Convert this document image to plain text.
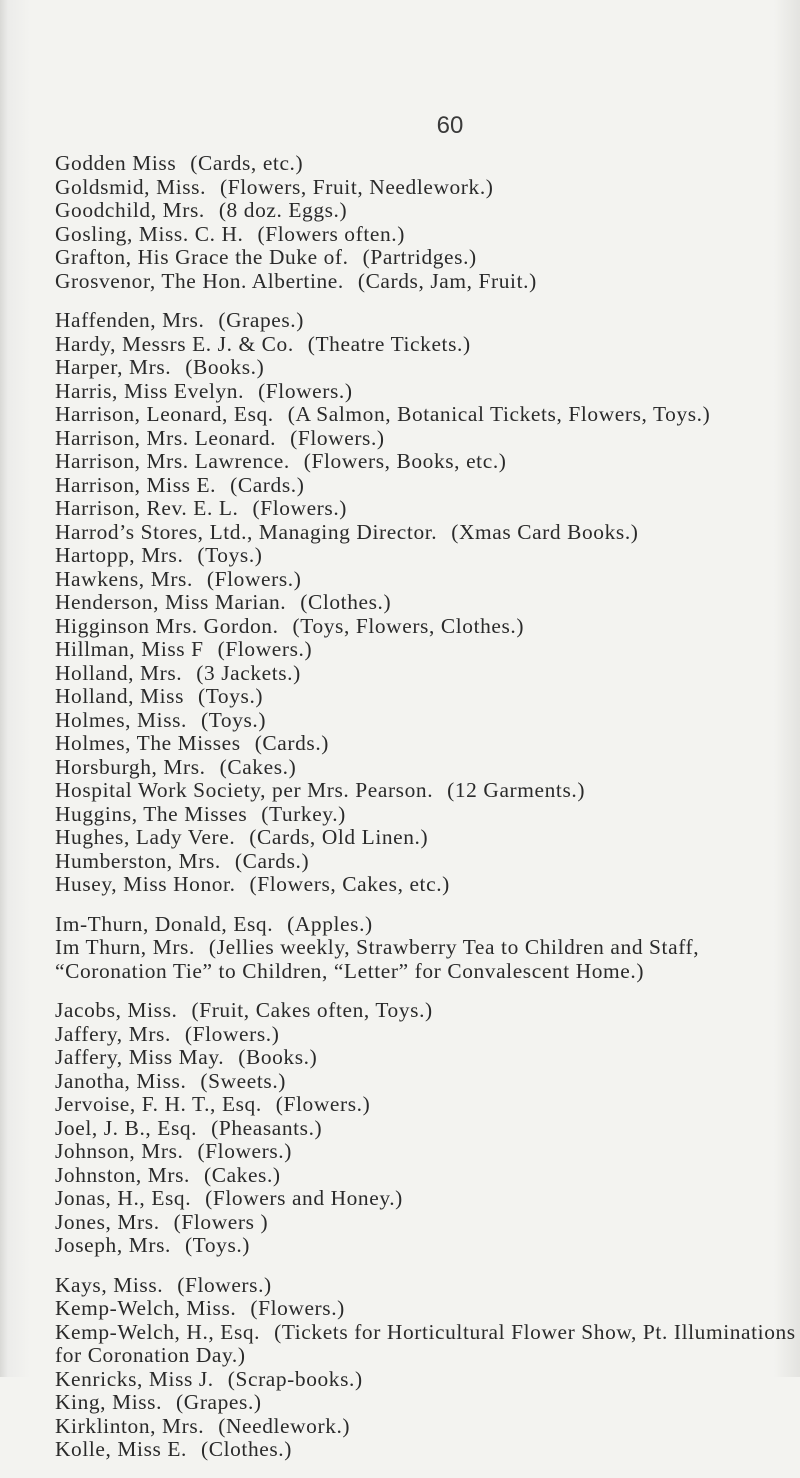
60
Godden Miss (Cards, etc.)
Goldsmid, Miss. (Flowers, Fruit, Needlework.)
Goodchild, Mrs. (8 doz. Eggs.)
Gosling, Miss. C. H. (Flowers often.)
Grafton, His Grace the Duke of. (Partridges.)
Grosvenor, The Hon. Albertine. (Cards, Jam, Fruit.)
Haffenden, Mrs. (Grapes.)
Hardy, Messrs E. J. & Co. (Theatre Tickets.)
Harper, Mrs. (Books.)
Harris, Miss Evelyn. (Flowers.)
Harrison, Leonard, Esq. (A Salmon, Botanical Tickets, Flowers, Toys.)
Harrison, Mrs. Leonard. (Flowers.)
Harrison, Mrs. Lawrence. (Flowers, Books, etc.)
Harrison, Miss E. (Cards.)
Harrison, Rev. E. L. (Flowers.)
Harrod’s Stores, Ltd., Managing Director. (Xmas Card Books.)
Hartopp, Mrs. (Toys.)
Hawkens, Mrs. (Flowers.)
Henderson, Miss Marian. (Clothes.)
Higginson Mrs. Gordon. (Toys, Flowers, Clothes.)
Hillman, Miss F (Flowers.)
Holland, Mrs. (3 Jackets.)
Holland, Miss (Toys.)
Holmes, Miss. (Toys.)
Holmes, The Misses (Cards.)
Horsburgh, Mrs. (Cakes.)
Hospital Work Society, per Mrs. Pearson. (12 Garments.)
Huggins, The Misses (Turkey.)
Hughes, Lady Vere. (Cards, Old Linen.)
Humberston, Mrs. (Cards.)
Husey, Miss Honor. (Flowers, Cakes, etc.)
Im-Thurn, Donald, Esq. (Apples.)
Im Thurn, Mrs. (Jellies weekly, Strawberry Tea to Children and Staff, “Coronation Tie” to Children, “Letter” for Convalescent Home.)
Jacobs, Miss. (Fruit, Cakes often, Toys.)
Jaffery, Mrs. (Flowers.)
Jaffery, Miss May. (Books.)
Janotha, Miss. (Sweets.)
Jervoise, F. H. T., Esq. (Flowers.)
Joel, J. B., Esq. (Pheasants.)
Johnson, Mrs. (Flowers.)
Johnston, Mrs. (Cakes.)
Jonas, H., Esq. (Flowers and Honey.)
Jones, Mrs. (Flowers )
Joseph, Mrs. (Toys.)
Kays, Miss. (Flowers.)
Kemp-Welch, Miss. (Flowers.)
Kemp-Welch, H., Esq. (Tickets for Horticultural Flower Show, Pt. Illuminations for Coronation Day.)
Kenricks, Miss J. (Scrap-books.)
King, Miss. (Grapes.)
Kirklinton, Mrs. (Needlework.)
Kolle, Miss E. (Clothes.)
